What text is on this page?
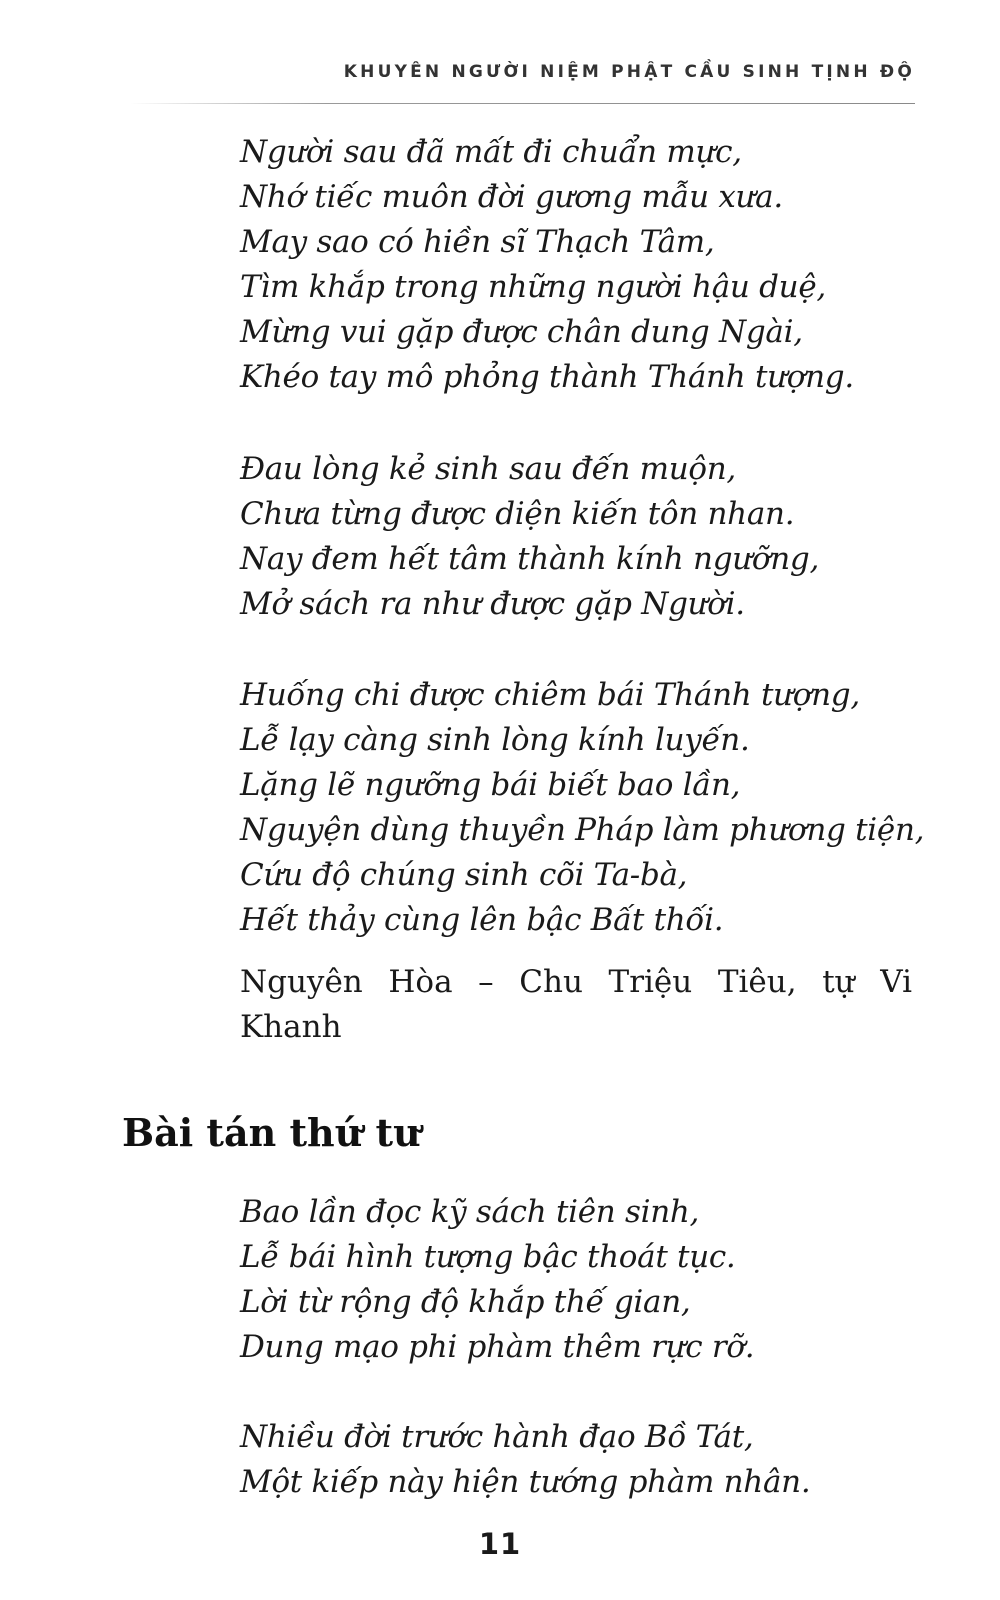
KHUYÊN NGƯỜI NIỆM PHẬT CẦU SINH TỊNH ĐỘ
Người sau đã mất đi chuẩn mực,
Nhớ tiếc muôn đời gương mẫu xưa.
May sao có hiền sĩ Thạch Tâm,
Tìm khắp trong những người hậu duệ,
Mừng vui gặp được chân dung Ngài,
Khéo tay mô phỏng thành Thánh tượng.
Đau lòng kẻ sinh sau đến muộn,
Chưa từng được diện kiến tôn nhan.
Nay đem hết tâm thành kính ngưỡng,
Mở sách ra như được gặp Người.
Huống chi được chiêm bái Thánh tượng,
Lễ lạy càng sinh lòng kính luyến.
Lặng lẽ ngưỡng bái biết bao lần,
Nguyện dùng thuyền Pháp làm phương tiện,
Cứu độ chúng sinh cõi Ta-bà,
Hết thảy cùng lên bậc Bất thối.
Nguyên Hòa – Chu Triệu Tiêu, tự Vi Khanh
Bài tán thứ tư
Bao lần đọc kỹ sách tiên sinh,
Lễ bái hình tượng bậc thoát tục.
Lời từ rộng độ khắp thế gian,
Dung mạo phi phàm thêm rực rỡ.
Nhiều đời trước hành đạo Bồ Tát,
Một kiếp này hiện tướng phàm nhân.
11
